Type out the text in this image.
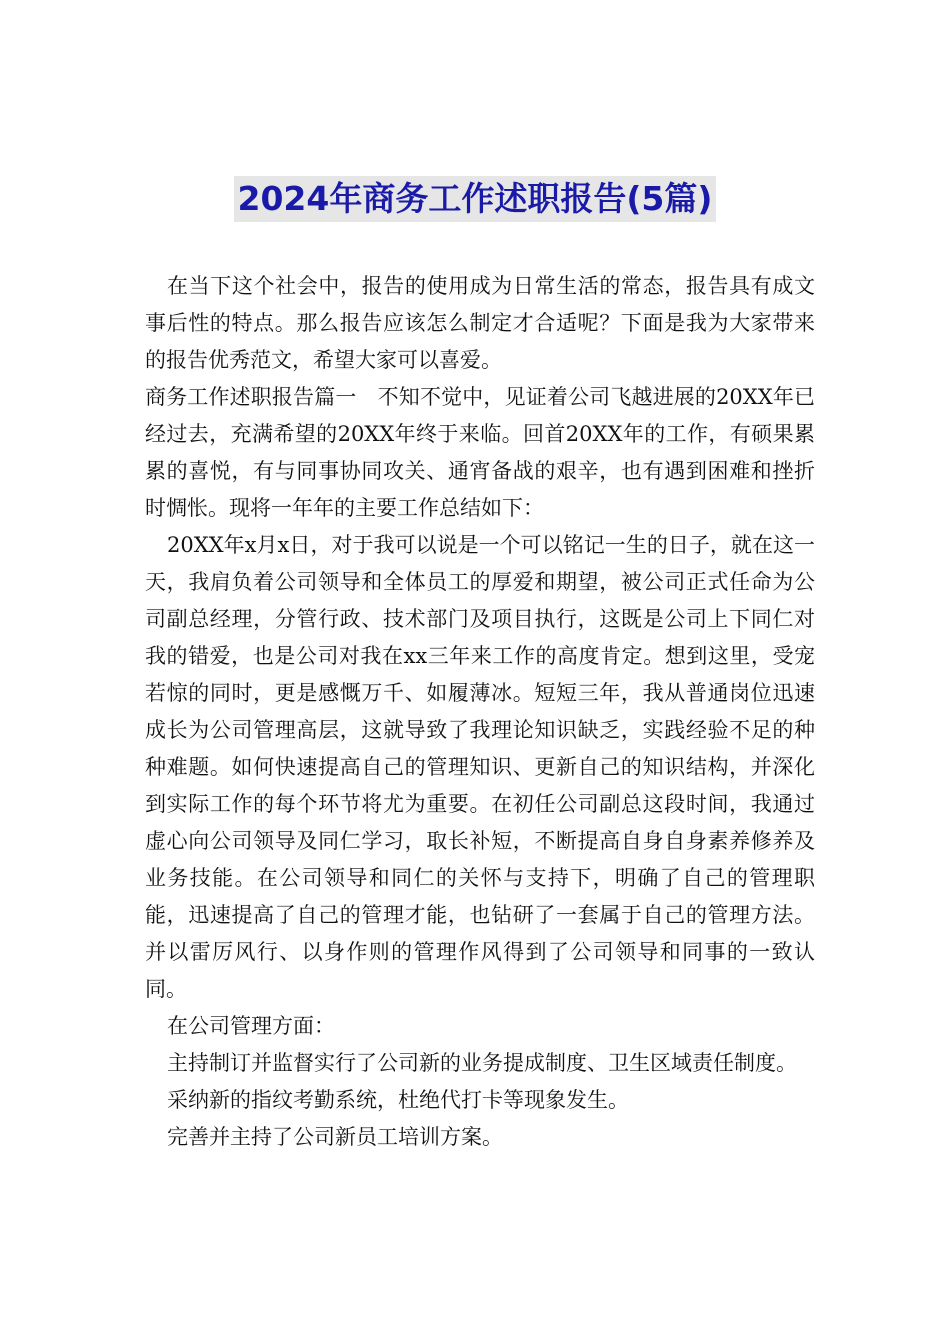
2024年商务工作述职报告(5篇)

在当下这个社会中，报告的使用成为日常生活的常态，报告具有成文事后性的特点。那么报告应该怎么制定才合适呢？下面是我为大家带来的报告优秀范文，希望大家可以喜爱。

商务工作述职报告篇一　不知不觉中，见证着公司飞越进展的20XX年已经过去，充满希望的20XX年终于来临。回首20XX年的工作，有硕果累累的喜悦，有与同事协同攻关、通宵备战的艰辛，也有遇到困难和挫折时惆怅。现将一年年的主要工作总结如下：

20XX年x月x日，对于我可以说是一个可以铭记一生的日子，就在这一天，我肩负着公司领导和全体员工的厚爱和期望，被公司正式任命为公司副总经理，分管行政、技术部门及项目执行，这既是公司上下同仁对我的错爱，也是公司对我在xx三年来工作的高度肯定。想到这里，受宠若惊的同时，更是感慨万千、如履薄冰。短短三年，我从普通岗位迅速成长为公司管理高层，这就导致了我理论知识缺乏，实践经验不足的种种难题。如何快速提高自己的管理知识、更新自己的知识结构，并深化到实际工作的每个环节将尤为重要。在初任公司副总这段时间，我通过虚心向公司领导及同仁学习，取长补短，不断提高自身自身素养修养及业务技能。在公司领导和同仁的关怀与支持下，明确了自己的管理职能，迅速提高了自己的管理才能，也钻研了一套属于自己的管理方法。并以雷厉风行、以身作则的管理作风得到了公司领导和同事的一致认同。

在公司管理方面：

主持制订并监督实行了公司新的业务提成制度、卫生区域责任制度。

采纳新的指纹考勤系统，杜绝代打卡等现象发生。

完善并主持了公司新员工培训方案。
